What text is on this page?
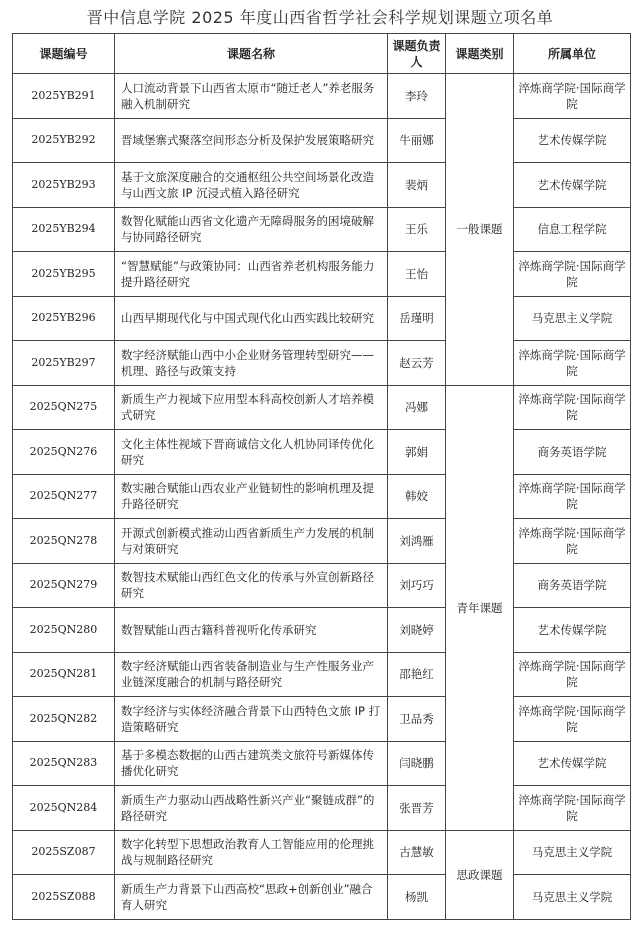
晋中信息学院 2025 年度山西省哲学社会科学规划课题立项名单
课题编号	课题名称	课题负责人	课题类别	所属单位
2025YB291	人口流动背景下山西省太原市“随迁老人”养老服务融入机制研究	李玲	一般课题	淬炼商学院·国际商学院
2025YB292	晋域堡寨式聚落空间形态分析及保护发展策略研究	牛丽娜		艺术传媒学院
2025YB293	基于文旅深度融合的交通枢纽公共空间场景化改造与山西文旅 IP 沉浸式植入路径研究	裴炳		艺术传媒学院
2025YB294	数智化赋能山西省文化遗产无障碍服务的困境破解与协同路径研究	王乐		信息工程学院
2025YB295	“智慧赋能”与政策协同：山西省养老机构服务能力提升路径研究	王怡		淬炼商学院·国际商学院
2025YB296	山西早期现代化与中国式现代化山西实践比较研究	岳瑾明		马克思主义学院
2025YB297	数字经济赋能山西中小企业财务管理转型研究——机理、路径与政策支持	赵云芳		淬炼商学院·国际商学院
2025QN275	新质生产力视域下应用型本科高校创新人才培养模式研究	冯娜	青年课题	淬炼商学院·国际商学院
2025QN276	文化主体性视域下晋商诚信文化人机协同译传优化研究	郭娟		商务英语学院
2025QN277	数实融合赋能山西农业产业链韧性的影响机理及提升路径研究	韩姣		淬炼商学院·国际商学院
2025QN278	开源式创新模式推动山西省新质生产力发展的机制与对策研究	刘鸿雁		淬炼商学院·国际商学院
2025QN279	数智技术赋能山西红色文化的传承与外宣创新路径研究	刘巧巧		商务英语学院
2025QN280	数智赋能山西古籍科普视听化传承研究	刘晓婷		艺术传媒学院
2025QN281	数字经济赋能山西省装备制造业与生产性服务业产业链深度融合的机制与路径研究	邵艳红		淬炼商学院·国际商学院
2025QN282	数字经济与实体经济融合背景下山西特色文旅 IP 打造策略研究	卫品秀		淬炼商学院·国际商学院
2025QN283	基于多模态数据的山西古建筑类文旅符号新媒体传播优化研究	闫晓鹏		艺术传媒学院
2025QN284	新质生产力驱动山西战略性新兴产业“聚链成群”的路径研究	张晋芳		淬炼商学院·国际商学院
2025SZ087	数字化转型下思想政治教育人工智能应用的伦理挑战与规制路径研究	古慧敏	思政课题	马克思主义学院
2025SZ088	新质生产力背景下山西高校“思政+创新创业”融合育人研究	杨凯		马克思主义学院
